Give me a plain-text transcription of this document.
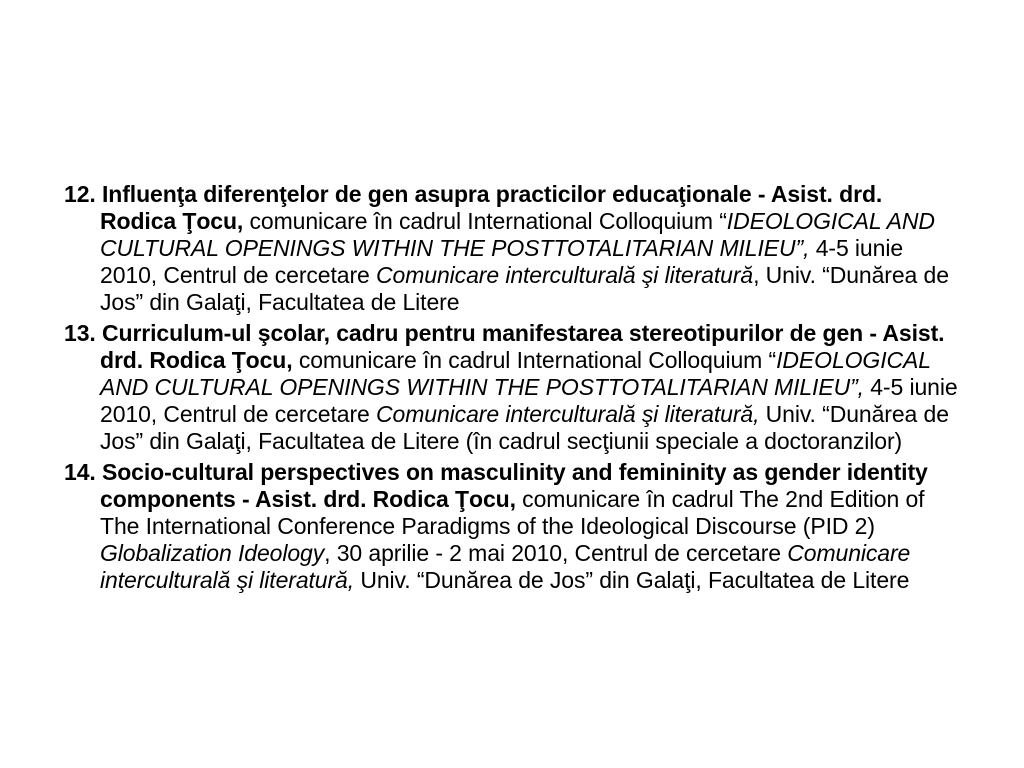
12. Influenţa diferenţelor de gen asupra practicilor educaţionale - Asist. drd. Rodica Ţocu, comunicare în cadrul International Colloquium “IDEOLOGICAL AND CULTURAL OPENINGS WITHIN THE POSTTOTALITARIAN MILIEU”, 4-5 iunie 2010, Centrul de cercetare Comunicare interculturală şi literatură, Univ. “Dunărea de Jos” din Galaţi, Facultatea de Litere
13. Curriculum-ul şcolar, cadru pentru manifestarea stereotipurilor de gen - Asist. drd. Rodica Ţocu, comunicare în cadrul International Colloquium “IDEOLOGICAL AND CULTURAL OPENINGS WITHIN THE POSTTOTALITARIAN MILIEU”, 4-5 iunie 2010, Centrul de cercetare Comunicare interculturală şi literatură, Univ. “Dunărea de Jos” din Galaţi, Facultatea de Litere (în cadrul secţiunii speciale a doctoranzilor)
14. Socio-cultural perspectives on masculinity and femininity as gender identity components - Asist. drd. Rodica Ţocu, comunicare în cadrul The 2nd Edition of The International Conference Paradigms of the Ideological Discourse (PID 2) Globalization Ideology, 30 aprilie - 2 mai 2010, Centrul de cercetare Comunicare interculturală şi literatură, Univ. “Dunărea de Jos” din Galaţi, Facultatea de Litere
